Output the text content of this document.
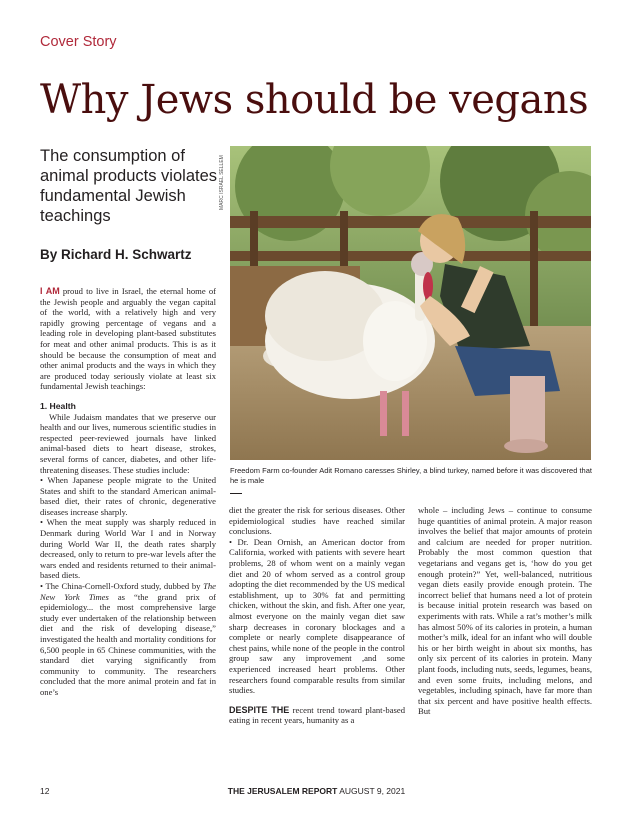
Cover Story
Why Jews should be vegans
The consumption of animal products violates fundamental Jewish teachings
By Richard H. Schwartz
MARC ISRAEL SELLEM
Freedom Farm co-founder Adit Romano caresses Shirley, a blind turkey, named before it was discovered that he is male

I AM proud to live in Israel, the eternal home of the Jewish people and arguably the vegan capital of the world, with a relatively high and very rapidly growing percentage of vegans and a leading role in developing plant-based substitutes for meat and other animal products. This is as it should be because the consumption of meat and other animal products and the ways in which they are produced today seriously violate at least six fundamental Jewish teachings:

1. Health

While Judaism mandates that we preserve our health and our lives, numerous scientific studies in respected peer-reviewed journals have linked animal-based diets to heart disease, strokes, several forms of cancer, diabetes, and other life-threatening diseases. These studies include:

• When Japanese people migrate to the United States and shift to the standard American animal-based diet, their rates of chronic, degenerative diseases increase sharply.

• When the meat supply was sharply reduced in Denmark during World War I and in Norway during World War II, the death rates sharply decreased, only to return to pre-war levels after the wars ended and residents returned to their animal-based diets.

• The China-Cornell-Oxford study, dubbed by The New York Times as “the grand prix of epidemiology... the most comprehensive large study ever undertaken of the relationship between diet and the risk of developing disease,” investigated the health and mortality conditions for 6,500 people in 65 Chinese communities, with the standard diet varying significantly from community to community. The researchers concluded that the more animal protein and fat in one’s

diet the greater the risk for serious diseases. Other epidemiological studies have reached similar conclusions.

• Dr. Dean Ornish, an American doctor from California, worked with patients with severe heart problems, 28 of whom went on a mainly vegan diet and 20 of whom served as a control group adopting the diet recommended by the US medical establishment, up to 30% fat and permitting chicken, without the skin, and fish. After one year, almost everyone on the mainly vegan diet saw sharp decreases in coronary blockages and a complete or nearly complete disappearance of chest pains, while none of the people in the control group saw any improvement ,and some experienced increased heart problems. Other researchers found comparable results from similar studies.

DESPITE THE recent trend toward plant-based eating in recent years, humanity as a

whole – including Jews – continue to consume huge quantities of animal protein. A major reason involves the belief that major amounts of protein and calcium are needed for proper nutrition. Probably the most common question that vegetarians and vegans get is, ‘how do you get enough protein?” Yet, well-balanced, nutritious vegan diets easily provide enough protein. The incorrect belief that humans need a lot of protein is because initial protein research was based on experiments with rats. While a rat’s mother’s milk has almost 50% of its calories in protein, a human mother’s milk, ideal for an infant who will double his or her birth weight in about six months, has only six percent of its calories in protein. Many plant foods, including nuts, seeds, legumes, beans, and even some fruits, including melons, and vegetables, including spinach, have far more than that six percent and have positive health effects. But

12	THE JERUSALEM REPORT AUGUST 9, 2021
